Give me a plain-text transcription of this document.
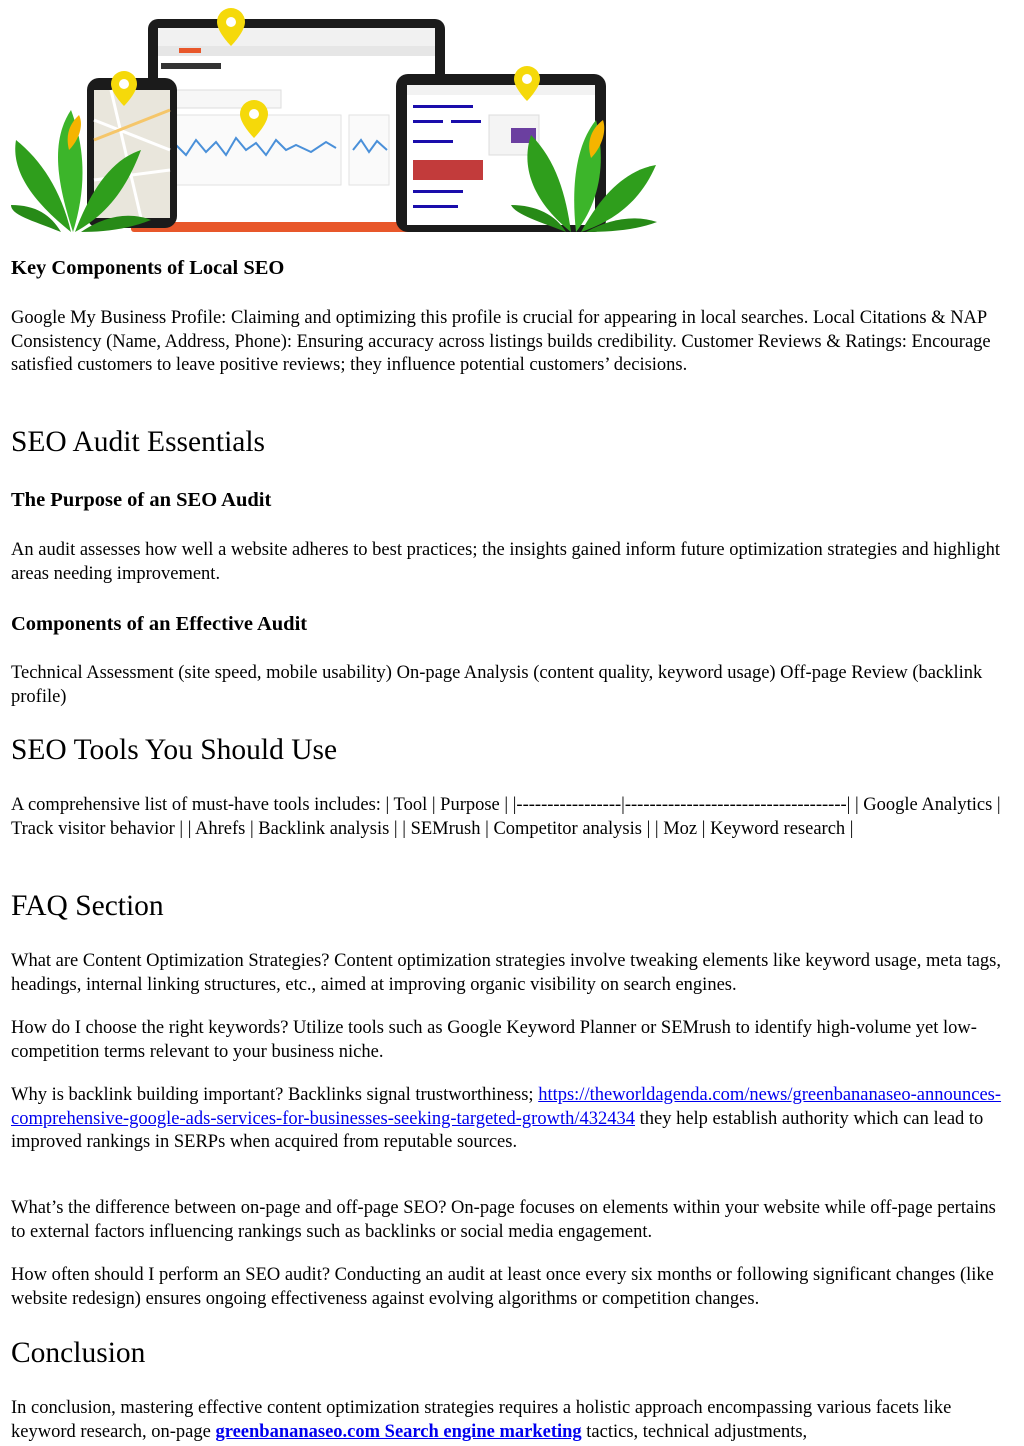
Key Components of Local SEO

Google My Business Profile: Claiming and optimizing this profile is crucial for appearing in local searches. Local Citations & NAP Consistency (Name, Address, Phone): Ensuring accuracy across listings builds credibility. Customer Reviews & Ratings: Encourage satisfied customers to leave positive reviews; they influence potential customers’ decisions.

SEO Audit Essentials
The Purpose of an SEO Audit

An audit assesses how well a website adheres to best practices; the insights gained inform future optimization strategies and highlight areas needing improvement.

Components of an Effective Audit

Technical Assessment (site speed, mobile usability) On-page Analysis (content quality, keyword usage) Off-page Review (backlink profile)

SEO Tools You Should Use

A comprehensive list of must-have tools includes: | Tool | Purpose | |-----------------|------------------------------------| | Google Analytics | Track visitor behavior | | Ahrefs | Backlink analysis | | SEMrush | Competitor analysis | | Moz | Keyword research |

FAQ Section

What are Content Optimization Strategies? Content optimization strategies involve tweaking elements like keyword usage, meta tags, headings, internal linking structures, etc., aimed at improving organic visibility on search engines.

How do I choose the right keywords? Utilize tools such as Google Keyword Planner or SEMrush to identify high-volume yet low-competition terms relevant to your business niche.

Why is backlink building important? Backlinks signal trustworthiness; https://theworldagenda.com/news/greenbananaseo-announces-comprehensive-google-ads-services-for-businesses-seeking-targeted-growth/432434 they help establish authority which can lead to improved rankings in SERPs when acquired from reputable sources.

What’s the difference between on-page and off-page SEO? On-page focuses on elements within your website while off-page pertains to external factors influencing rankings such as backlinks or social media engagement.

How often should I perform an SEO audit? Conducting an audit at least once every six months or following significant changes (like website redesign) ensures ongoing effectiveness against evolving algorithms or competition changes.

Conclusion

In conclusion, mastering effective content optimization strategies requires a holistic approach encompassing various facets like keyword research, on-page greenbananaseo.com Search engine marketing tactics, technical adjustments,
